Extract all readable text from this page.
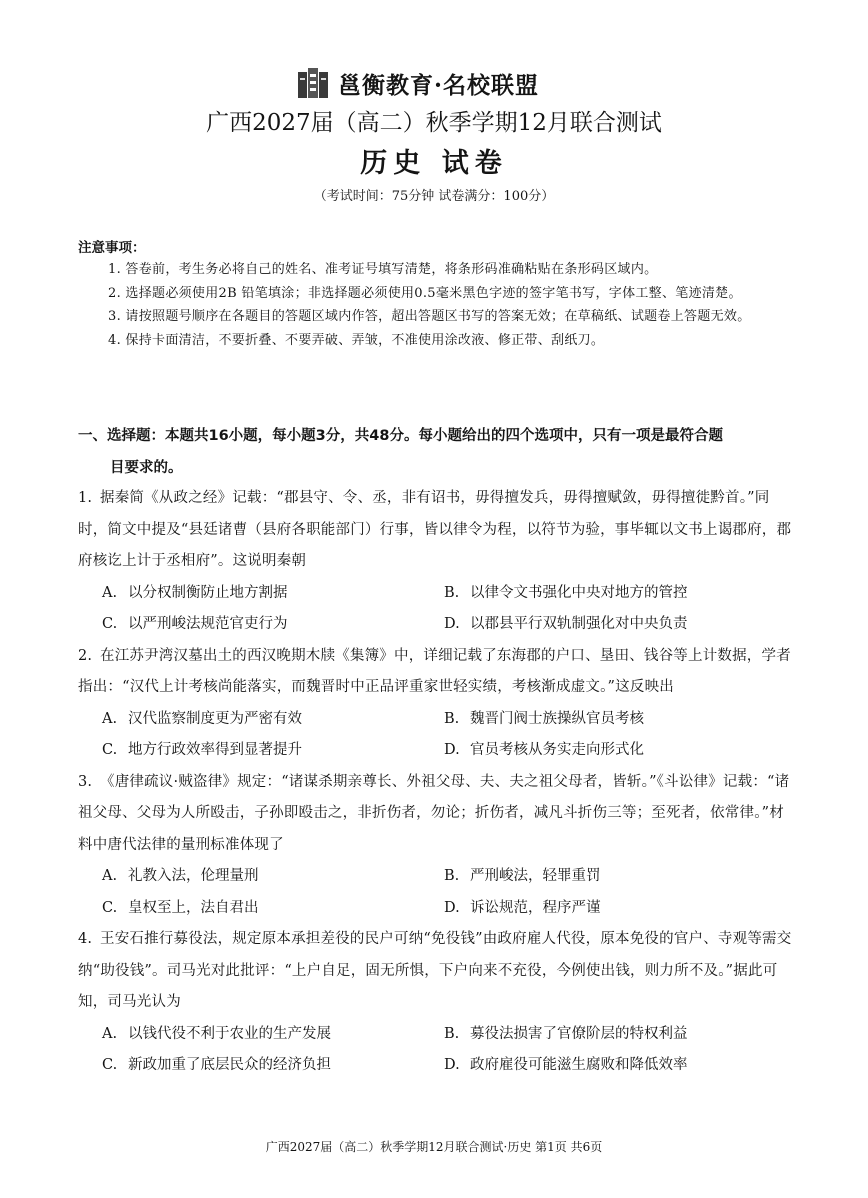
邕衡教育·名校联盟
广西2027届（高二）秋季学期12月联合测试
历史 试卷
（考试时间：75分钟 试卷满分：100分）
注意事项：
1. 答卷前，考生务必将自己的姓名、准考证号填写清楚，将条形码准确粘贴在条形码区域内。
2. 选择题必须使用2B 铅笔填涂；非选择题必须使用0.5毫米黑色字迹的签字笔书写，字体工整、笔迹清楚。
3. 请按照题号顺序在各题目的答题区域内作答，超出答题区书写的答案无效；在草稿纸、试题卷上答题无效。
4. 保持卡面清洁，不要折叠、不要弄破、弄皱，不准使用涂改液、修正带、刮纸刀。
一、选择题：本题共16小题，每小题3分，共48分。每小题给出的四个选项中，只有一项是最符合题
目要求的。
1. 据秦简《从政之经》记载：“郡县守、令、丞，非有诏书，毋得擅发兵，毋得擅赋敛，毋得擅徙黔首。”同时，简文中提及“县廷诸曹（县府各职能部门）行事，皆以律令为程，以符节为验，事毕辄以文书上谒郡府，郡府核讫上计于丞相府”。这说明秦朝
A. 以分权制衡防止地方割据	B. 以律令文书强化中央对地方的管控
C. 以严刑峻法规范官吏行为	D. 以郡县平行双轨制强化对中央负责
2. 在江苏尹湾汉墓出土的西汉晚期木牍《集簿》中，详细记载了东海郡的户口、垦田、钱谷等上计数据，学者指出：“汉代上计考核尚能落实，而魏晋时中正品评重家世轻实绩，考核渐成虚文。”这反映出
A. 汉代监察制度更为严密有效	B. 魏晋门阀士族操纵官员考核
C. 地方行政效率得到显著提升	D. 官员考核从务实走向形式化
3. 《唐律疏议·贼盗律》规定：“诸谋杀期亲尊长、外祖父母、夫、夫之祖父母者，皆斩。”《斗讼律》记载：“诸祖父母、父母为人所殴击，子孙即殴击之，非折伤者，勿论；折伤者，减凡斗折伤三等；至死者，依常律。”材料中唐代法律的量刑标准体现了
A. 礼教入法，伦理量刑	B. 严刑峻法，轻罪重罚
C. 皇权至上，法自君出	D. 诉讼规范，程序严谨
4. 王安石推行募役法，规定原本承担差役的民户可纳“免役钱”由政府雇人代役，原本免役的官户、寺观等需交纳“助役钱”。司马光对此批评：“上户自足，固无所惧，下户向来不充役，今例使出钱，则力所不及。”据此可知，司马光认为
A. 以钱代役不利于农业的生产发展	B. 募役法损害了官僚阶层的特权利益
C. 新政加重了底层民众的经济负担	D. 政府雇役可能滋生腐败和降低效率
广西2027届（高二）秋季学期12月联合测试·历史 第1页 共6页
